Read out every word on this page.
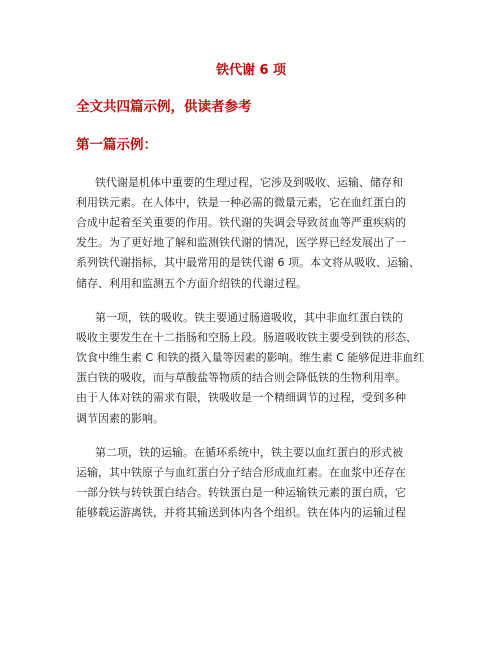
铁代谢 6 项
全文共四篇示例，供读者参考
第一篇示例：
铁代谢是机体中重要的生理过程，它涉及到吸收、运输、储存和
利用铁元素。在人体中，铁是一种必需的微量元素，它在血红蛋白的
合成中起着至关重要的作用。铁代谢的失调会导致贫血等严重疾病的
发生。为了更好地了解和监测铁代谢的情况，医学界已经发展出了一
系列铁代谢指标，其中最常用的是铁代谢 6 项。本文将从吸收、运输、
储存、利用和监测五个方面介绍铁的代谢过程。
第一项，铁的吸收。铁主要通过肠道吸收，其中非血红蛋白铁的
吸收主要发生在十二指肠和空肠上段。肠道吸收铁主要受到铁的形态、
饮食中维生素 C 和铁的摄入量等因素的影响。维生素 C 能够促进非血红
蛋白铁的吸收，而与草酸盐等物质的结合则会降低铁的生物利用率。
由于人体对铁的需求有限，铁吸收是一个精细调节的过程，受到多种
调节因素的影响。
第二项，铁的运输。在循环系统中，铁主要以血红蛋白的形式被
运输，其中铁原子与血红蛋白分子结合形成血红素。在血浆中还存在
一部分铁与转铁蛋白结合。转铁蛋白是一种运输铁元素的蛋白质，它
能够载运游离铁，并将其输送到体内各个组织。铁在体内的运输过程
